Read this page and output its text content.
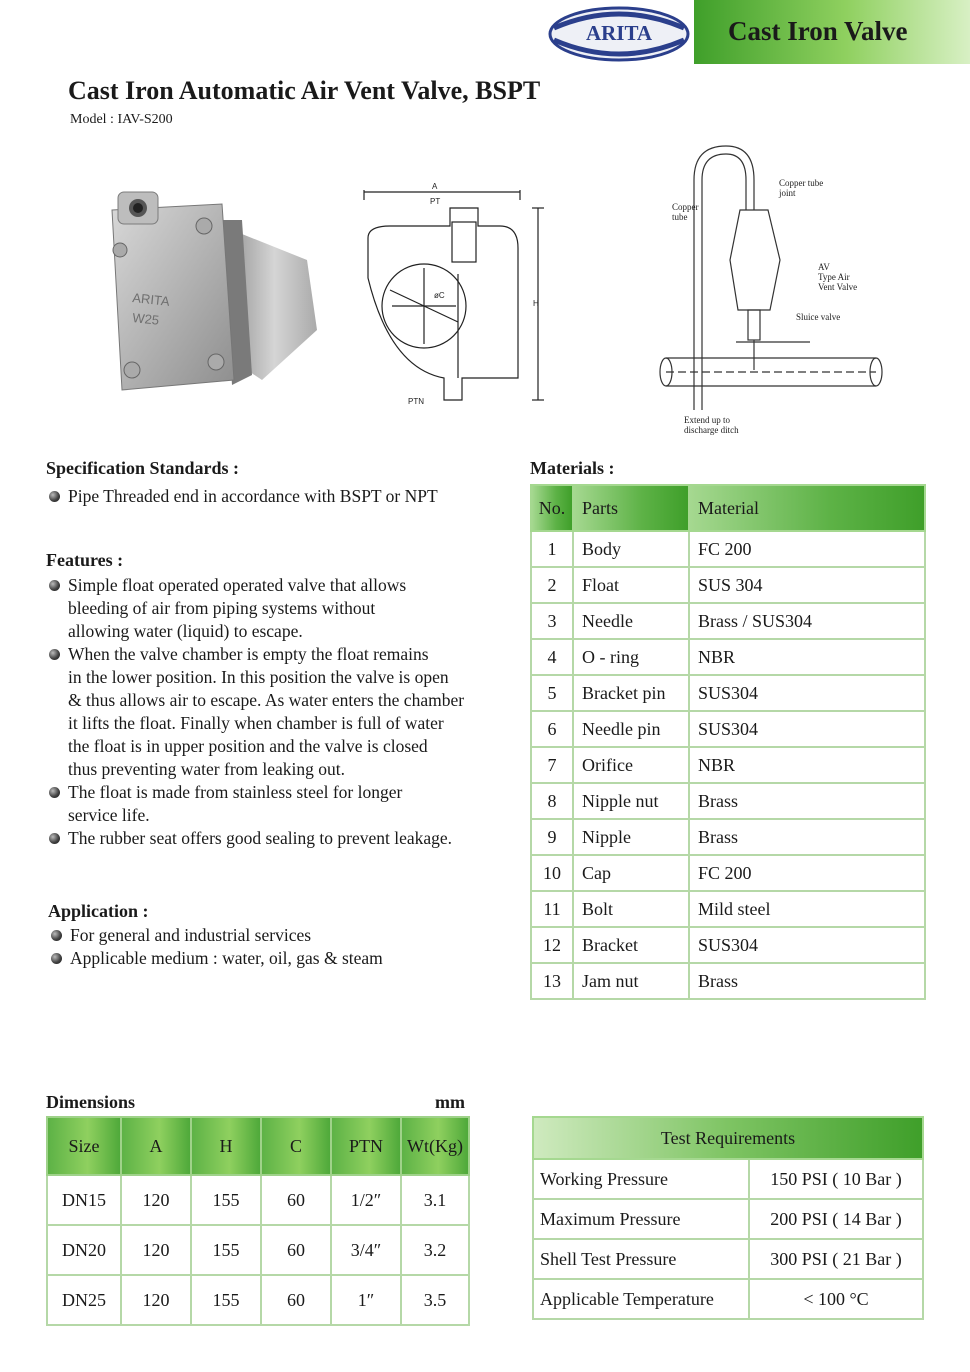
ARITA	Cast Iron Valve
Cast Iron Automatic Air Vent Valve, BSPT
Model : IAV-S200
ARITA
W25
A
PT
H
øC
PTN
Copper
tube
Copper tube
joint
AV
Type Air
Vent Valve
Sluice valve
Extend up to
discharge ditch
Specification Standards :
Pipe Threaded end in accordance with BSPT or NPT
Features :
Simple float operated operated valve that allows
bleeding of air from piping systems without
allowing water (liquid) to escape.
When the valve chamber is empty the float remains
in the lower position. In this position the valve is open
& thus allows air to escape. As water enters the chamber
it lifts the float. Finally when chamber is full of water
the float is in upper position and the valve is closed
thus preventing water from leaking out.
The float is made from stainless steel for longer
service life.
The rubber seat offers good sealing to prevent leakage.
Application :
For general and industrial services
Applicable medium : water, oil, gas & steam
Materials :
No.	Parts	Material
1	Body	FC 200
2	Float	SUS 304
3	Needle	Brass / SUS304
4	O - ring	NBR
5	Bracket pin	SUS304
6	Needle pin	SUS304
7	Orifice	NBR
8	Nipple nut	Brass
9	Nipple	Brass
10	Cap	FC 200
11	Bolt	Mild steel
12	Bracket	SUS304
13	Jam nut	Brass
Dimensions	mm
Size	A	H	C	PTN	Wt(Kg)
DN15	120	155	60	1/2″	3.1
DN20	120	155	60	3/4″	3.2
DN25	120	155	60	1″	3.5
Test Requirements	
Working Pressure	150 PSI ( 10 Bar )
Maximum Pressure	200 PSI ( 14 Bar )
Shell Test Pressure	300 PSI ( 21 Bar )
Applicable Temperature	< 100 °C
